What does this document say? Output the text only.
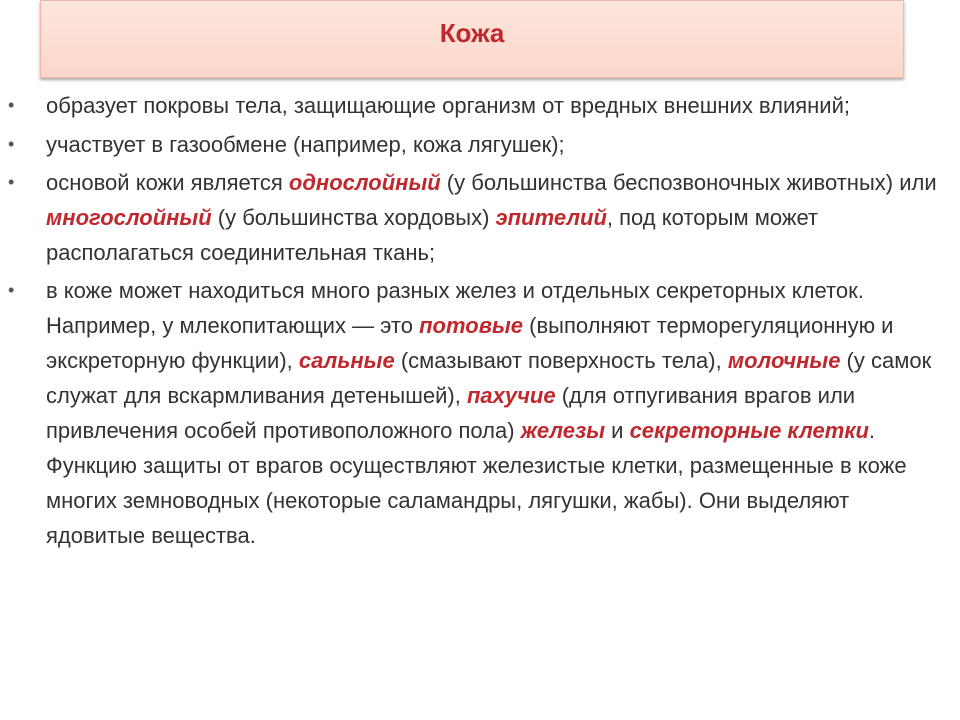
Кожа
• образует покровы тела, защищающие организм от вредных внешних влияний;
• участвует в газообмене (например, кожа лягушек);
• основой кожи является однослойный (у большинства беспозвоночных животных) или многослойный (у большинства хордовых) эпителий, под которым может располагаться соединительная ткань;
• в коже может находиться много разных желез и отдельных секреторных клеток. Например, у млекопитающих — это потовые (выполняют терморегуляционную и экскреторную функции), сальные (смазывают поверхность тела), молочные (у самок служат для вскармливания детенышей), пахучие (для отпугивания врагов или привлечения особей противоположного пола) железы и секреторные клетки. Функцию защиты от врагов осуществляют железистые клетки, размещенные в коже многих земноводных (некоторые саламандры, лягушки, жабы). Они выделяют ядовитые вещества.
